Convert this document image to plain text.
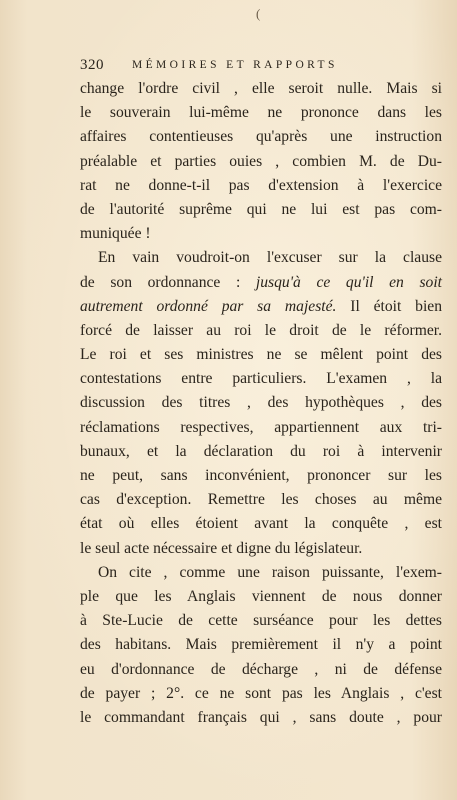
(
320 MÉMOIRES ET RAPPORTS
change l'ordre civil , elle seroit nulle. Mais si
le souverain lui-même ne prononce dans les
affaires contentieuses qu'après une instruction
préalable et parties ouies , combien M. de Du-
rat ne donne-t-il pas d'extension à l'exercice
de l'autorité suprême qui ne lui est pas com-
muniquée !
En vain voudroit-on l'excuser sur la clause
de son ordonnance : jusqu'à ce qu'il en soit
autrement ordonné par sa majesté. Il étoit bien
forcé de laisser au roi le droit de le réformer.
Le roi et ses ministres ne se mêlent point des
contestations entre particuliers. L'examen , la
discussion des titres , des hypothèques , des
réclamations respectives, appartiennent aux tri-
bunaux, et la déclaration du roi à intervenir
ne peut, sans inconvénient, prononcer sur les
cas d'exception. Remettre les choses au même
état où elles étoient avant la conquête , est
le seul acte nécessaire et digne du législateur.
On cite , comme une raison puissante, l'exem-
ple que les Anglais viennent de nous donner
à Ste-Lucie de cette surséance pour les dettes
des habitans. Mais premièrement il n'y a point
eu d'ordonnance de décharge , ni de défense
de payer ; 2°. ce ne sont pas les Anglais , c'est
le commandant français qui , sans doute , pour
